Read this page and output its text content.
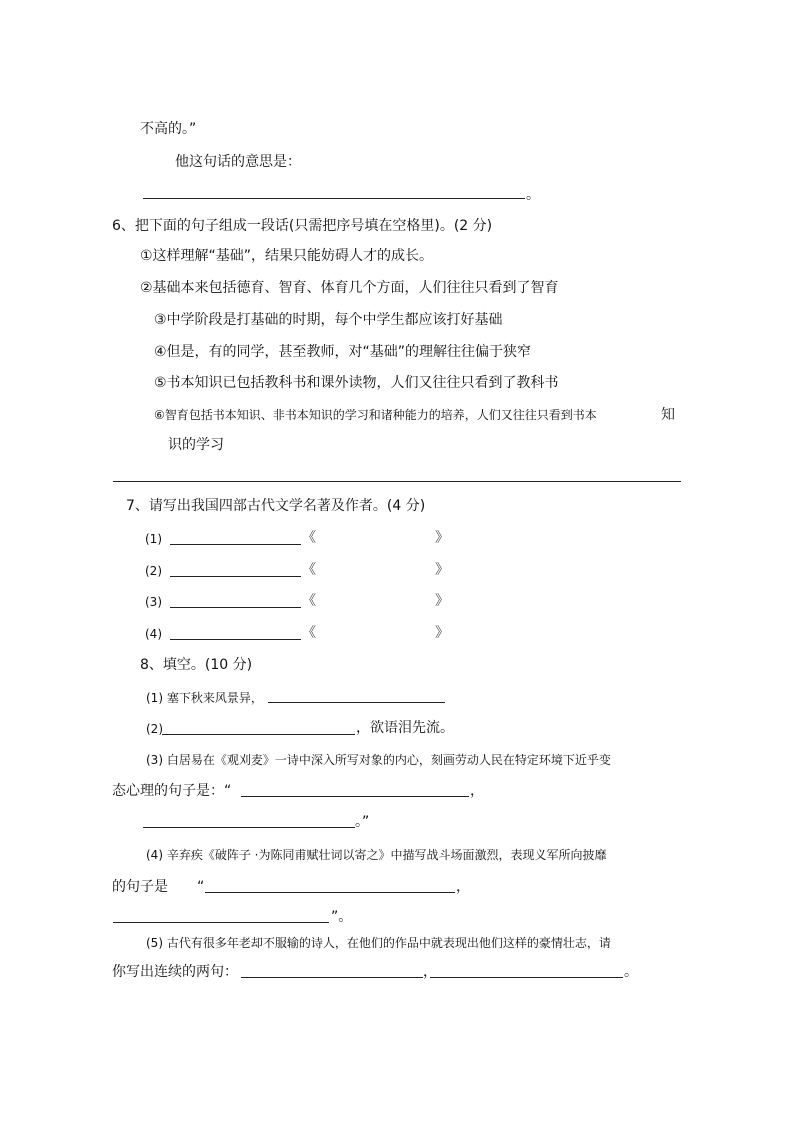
不高的。”
他这句话的意思是：
。
6、把下面的句子组成一段话(只需把序号填在空格里)。(2 分)
①这样理解“基础”，结果只能妨碍人才的成长。
②基础本来包括德育、智育、体育几个方面，人们往往只看到了智育
③中学阶段是打基础的时期，每个中学生都应该打好基础
④但是，有的同学，甚至教师，对“基础”的理解往往偏于狭窄
⑤书本知识已包括教科书和课外读物，人们又往往只看到了教科书
⑥智育包括书本知识、非书本知识的学习和诸种能力的培养，人们又往往只看到书本	知
识的学习
7、请写出我国四部古代文学名著及作者。(4 分)
(1)	《	》
(2)	《	》
(3)	《	》
(4)	《	》
8、填空。(10 分)
(1) 塞下秋来风景异，
(2)	，欲语泪先流。
(3) 白居易在《观刈麦》一诗中深入所写对象的内心，刻画劳动人民在特定环境下近乎变
态心理的句子是：“	，
。”
(4) 辛弃疾《破阵子 ·为陈同甫赋壮词以寄之》中描写战斗场面激烈，表现义军所向披靡
的句子是 “	，
”。
(5) 古代有很多年老却不服输的诗人，在他们的作品中就表现出他们这样的豪情壮志，请
你写出连续的两句：	，	。
